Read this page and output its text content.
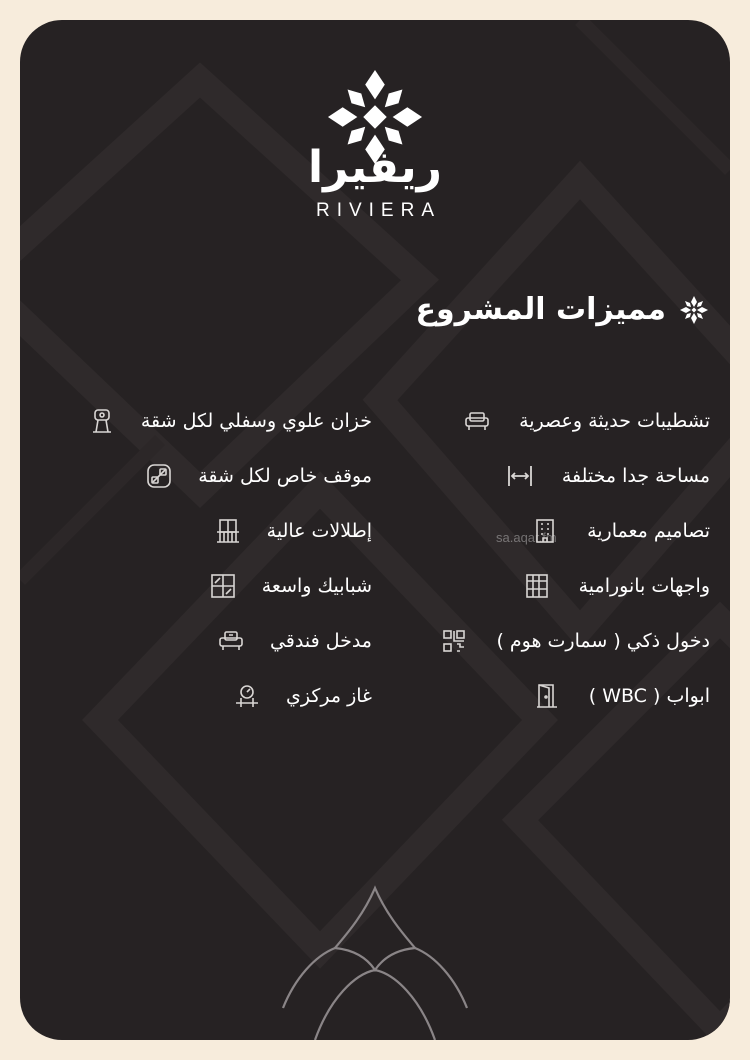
ريفيرا
RIVIERA
مميزات المشروع
sa.aqar.fm
تشطيبات حديثة وعصرية
خزان علوي وسفلي لكل شقة
مساحة جدا مختلفة
موقف خاص لكل شقة
تصاميم معمارية
إطلالات عالية
واجهات بانورامية
شبابيك واسعة
دخول ذكي ( سمارت هوم )
مدخل فندقي
ابواب ( WBC )
غاز مركزي
